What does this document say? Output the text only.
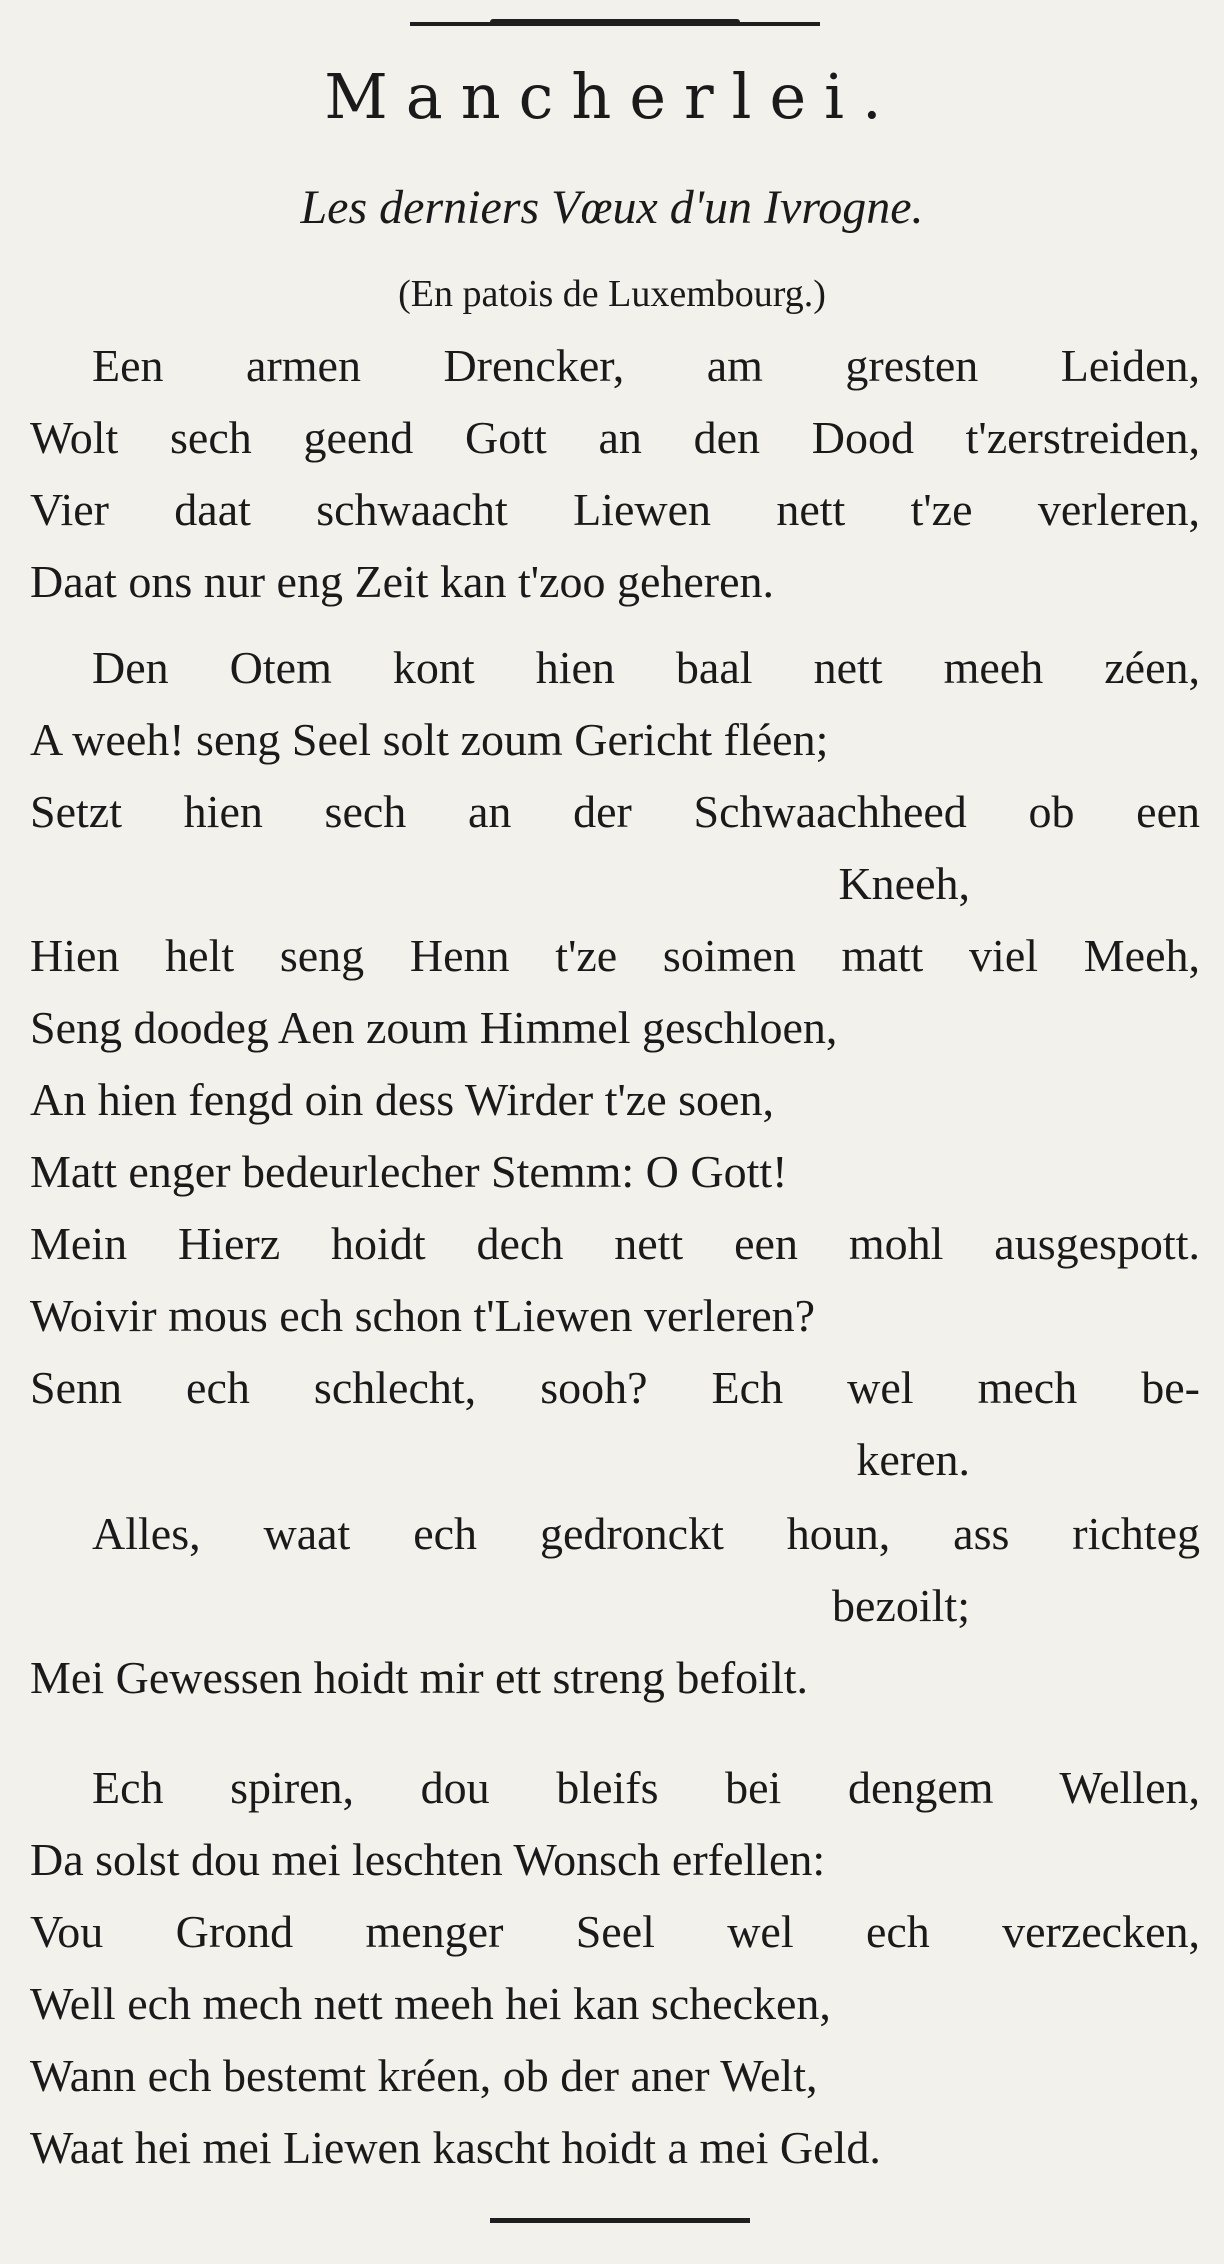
Mancherlei.
Les derniers Vœux d'un Ivrogne.
(En patois de Luxembourg.)
Een armen Drencker, am gresten Leiden,
Wolt sech geend Gott an den Dood t'zerstreiden,
Vier daat schwaacht Liewen nett t'ze verleren,
Daat ons nur eng Zeit kan t'zoo geheren.
Den Otem kont hien baal nett meeh zéen,
A weeh! seng Seel solt zoum Gericht fléen;
Setzt hien sech an der Schwaachheed ob een
Kneeh,
Hien helt seng Henn t'ze soimen matt viel Meeh,
Seng doodeg Aen zoum Himmel geschloen,
An hien fengd oin dess Wirder t'ze soen,
Matt enger bedeurlecher Stemm: O Gott!
Mein Hierz hoidt dech nett een mohl ausgespott.
Woivir mous ech schon t'Liewen verleren?
Senn ech schlecht, sooh? Ech wel mech be-
keren.
Alles, waat ech gedronckt houn, ass richteg
bezoilt;
Mei Gewessen hoidt mir ett streng befoilt.
Ech spiren, dou bleifs bei dengem Wellen,
Da solst dou mei leschten Wonsch erfellen:
Vou Grond menger Seel wel ech verzecken,
Well ech mech nett meeh hei kan schecken,
Wann ech bestemt kréen, ob der aner Welt,
Waat hei mei Liewen kascht hoidt a mei Geld.
